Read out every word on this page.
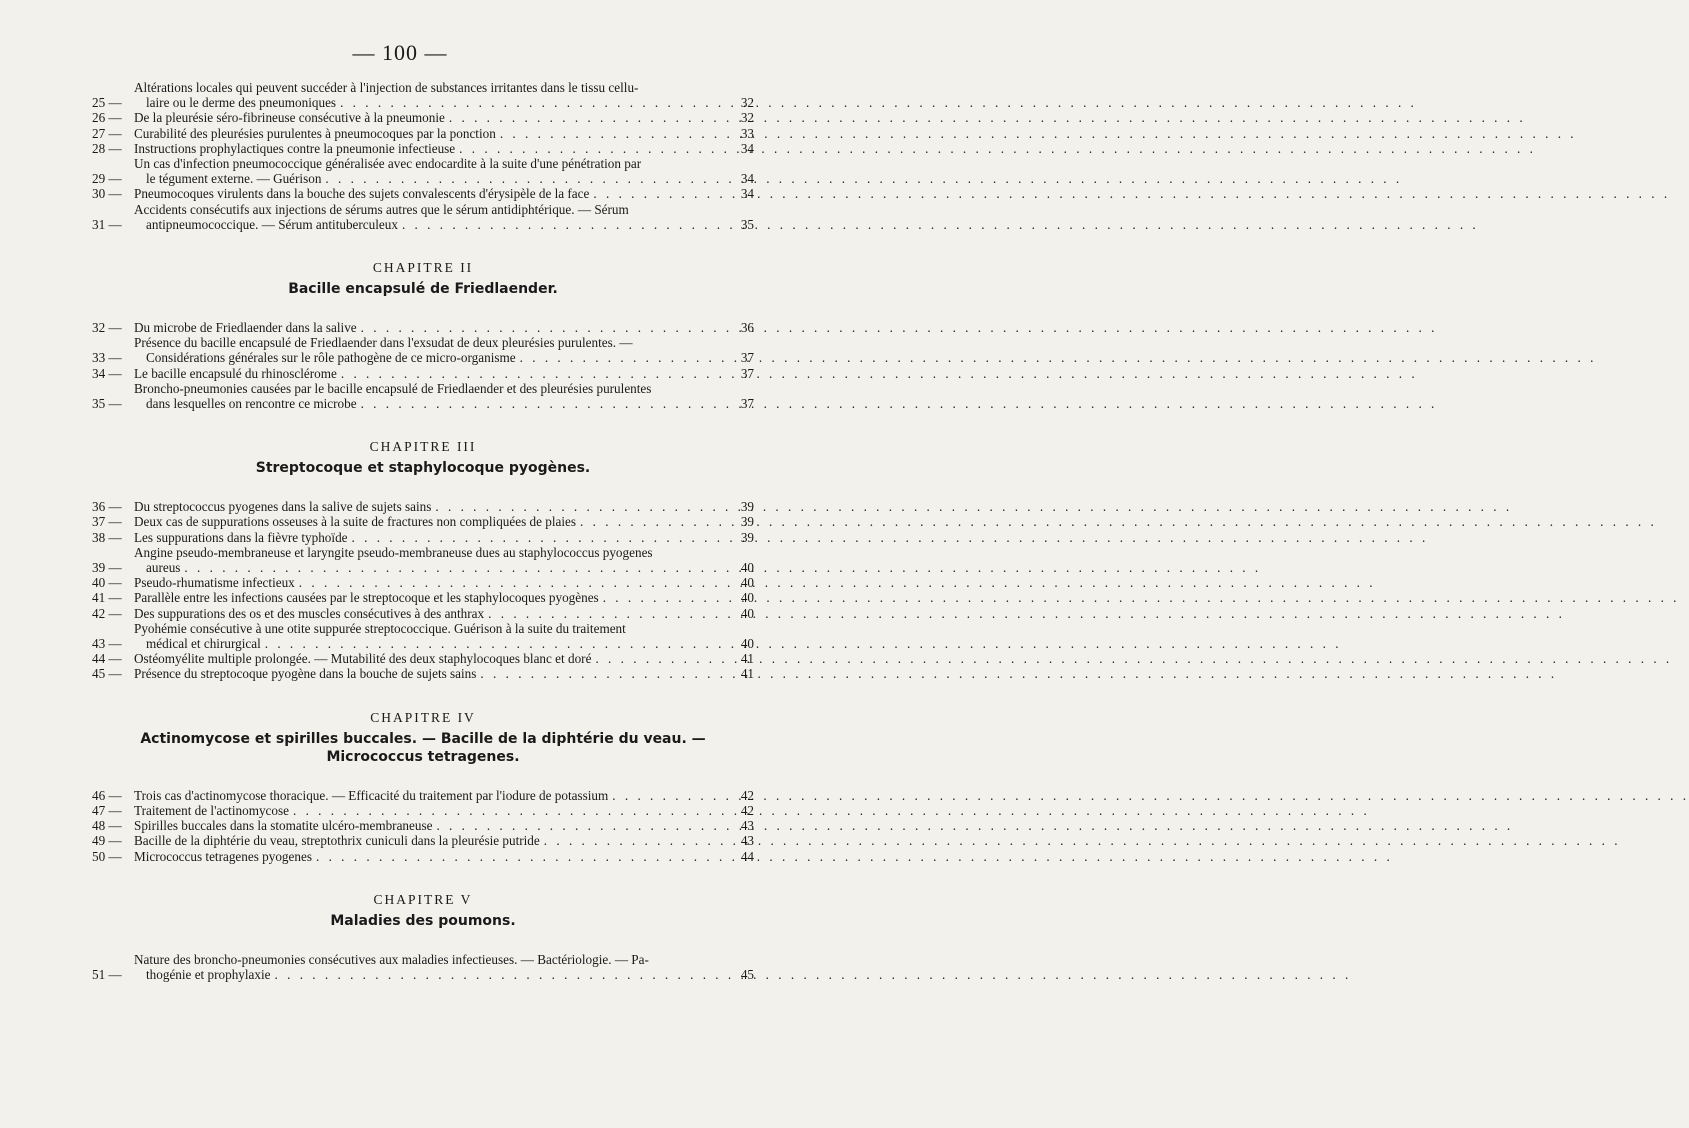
— 100 —
25 —
Altérations locales qui peuvent succéder à l'injection de substances irritantes dans le tissu cellu-
laire ou le derme des pneumoniques . . .	32
26 — De la pleurésie séro-fibrineuse consécutive à la pneumonie . . .	32
27 — Curabilité des pleurésies purulentes à pneumocoques par la ponction . . .	33
28 — Instructions prophylactiques contre la pneumonie infectieuse . . .	34
29 —
Un cas d'infection pneumococcique généralisée avec endocardite à la suite d'une pénétration par
le tégument externe. — Guérison . . .	34
30 — Pneumocoques virulents dans la bouche des sujets convalescents d'érysipèle de la face . . .	34
31 —
Accidents consécutifs aux injections de sérums autres que le sérum antidiphtérique. — Sérum
antipneumococcique. — Sérum antituberculeux . . .	35
CHAPITRE II
Bacille encapsulé de Friedlaender.
32 — Du microbe de Friedlaender dans la salive . . .	36
33 —
Présence du bacille encapsulé de Friedlaender dans l'exsudat de deux pleurésies purulentes. —
Considérations générales sur le rôle pathogène de ce micro-organisme . . .	37
34 — Le bacille encapsulé du rhinosclérome . . .	37
35 —
Broncho-pneumonies causées par le bacille encapsulé de Friedlaender et des pleurésies purulentes
dans lesquelles on rencontre ce microbe . . .	37
CHAPITRE III
Streptocoque et staphylocoque pyogènes.
36 — Du streptococcus pyogenes dans la salive de sujets sains . . .	39
37 — Deux cas de suppurations osseuses à la suite de fractures non compliquées de plaies . . .	39
38 — Les suppurations dans la fièvre typhoïde . . .	39
39 —
Angine pseudo-membraneuse et laryngite pseudo-membraneuse dues au staphylococcus pyogenes
aureus . . .	40
40 — Pseudo-rhumatisme infectieux . . .	40
41 — Parallèle entre les infections causées par le streptocoque et les staphylocoques pyogènes . . .	40
42 — Des suppurations des os et des muscles consécutives à des anthrax . . .	40
43 —
Pyohémie consécutive à une otite suppurée streptococcique. Guérison à la suite du traitement
médical et chirurgical . . .	40
44 — Ostéomyélite multiple prolongée. — Mutabilité des deux staphylocoques blanc et doré . . .	41
45 — Présence du streptocoque pyogène dans la bouche de sujets sains . . .	41
CHAPITRE IV
Actinomycose et spirilles buccales. — Bacille de la diphtérie du veau. — Micrococcus tetragenes.
46 — Trois cas d'actinomycose thoracique. — Efficacité du traitement par l'iodure de potassium . . .	42
47 — Traitement de l'actinomycose . . .	42
48 — Spirilles buccales dans la stomatite ulcéro-membraneuse . . .	43
49 — Bacille de la diphtérie du veau, streptothrix cuniculi dans la pleurésie putride . . .	43
50 — Micrococcus tetragenes pyogenes . . .	44
CHAPITRE V
Maladies des poumons.
51 —
Nature des broncho-pneumonies consécutives aux maladies infectieuses. — Bactériologie. — Pa-
thogénie et prophylaxie . . .	45
